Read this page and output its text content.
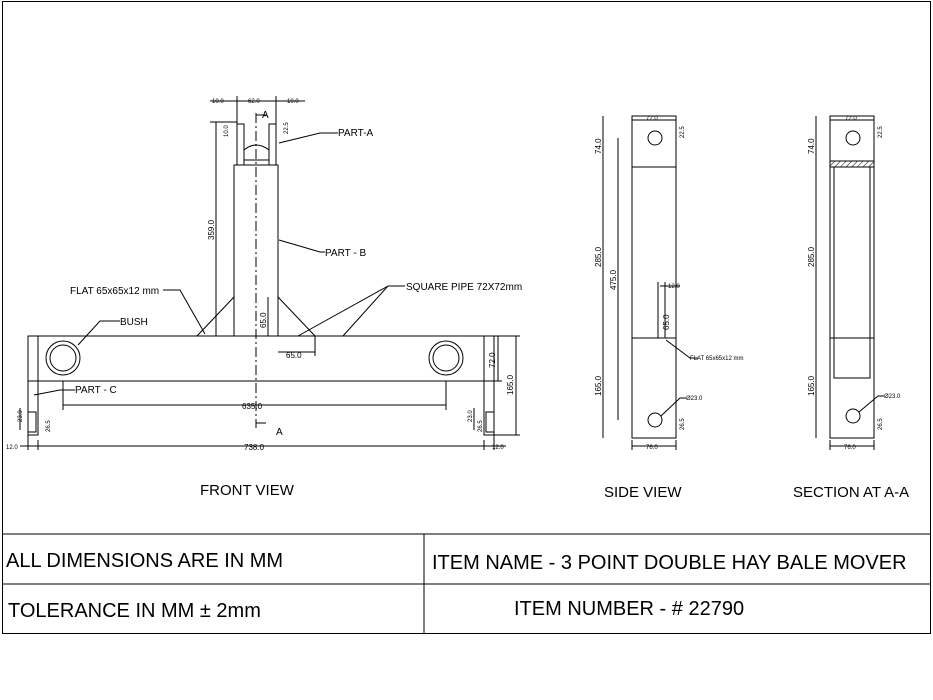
10.0	62.0	10.0
A
22.5
10.0	PART-A
359.0
PART - B
FLAT 65x65x12 mm	SQUARE PIPE 72X72mm
BUSH	65.0
65.0	72.0
165.0
PART - C
635.0
A
738.0
12.0	12.0
23.0	23.0
26.5	26.5
72.0
74.0
22.5
285.0
475.0	12.0
65.0
FLAT 65x65x12 mm
165.0
Ø23.0
26.5
76.0
72.0
74.0
22.5
285.0
165.0
Ø23.0
26.5
76.0
FRONT VIEW	SIDE VIEW	SECTION AT A-A
ALL DIMENSIONS ARE IN MM	ITEM NAME - 3 POINT DOUBLE HAY BALE MOVER
TOLERANCE IN MM ± 2mm	ITEM NUMBER - # 22790
